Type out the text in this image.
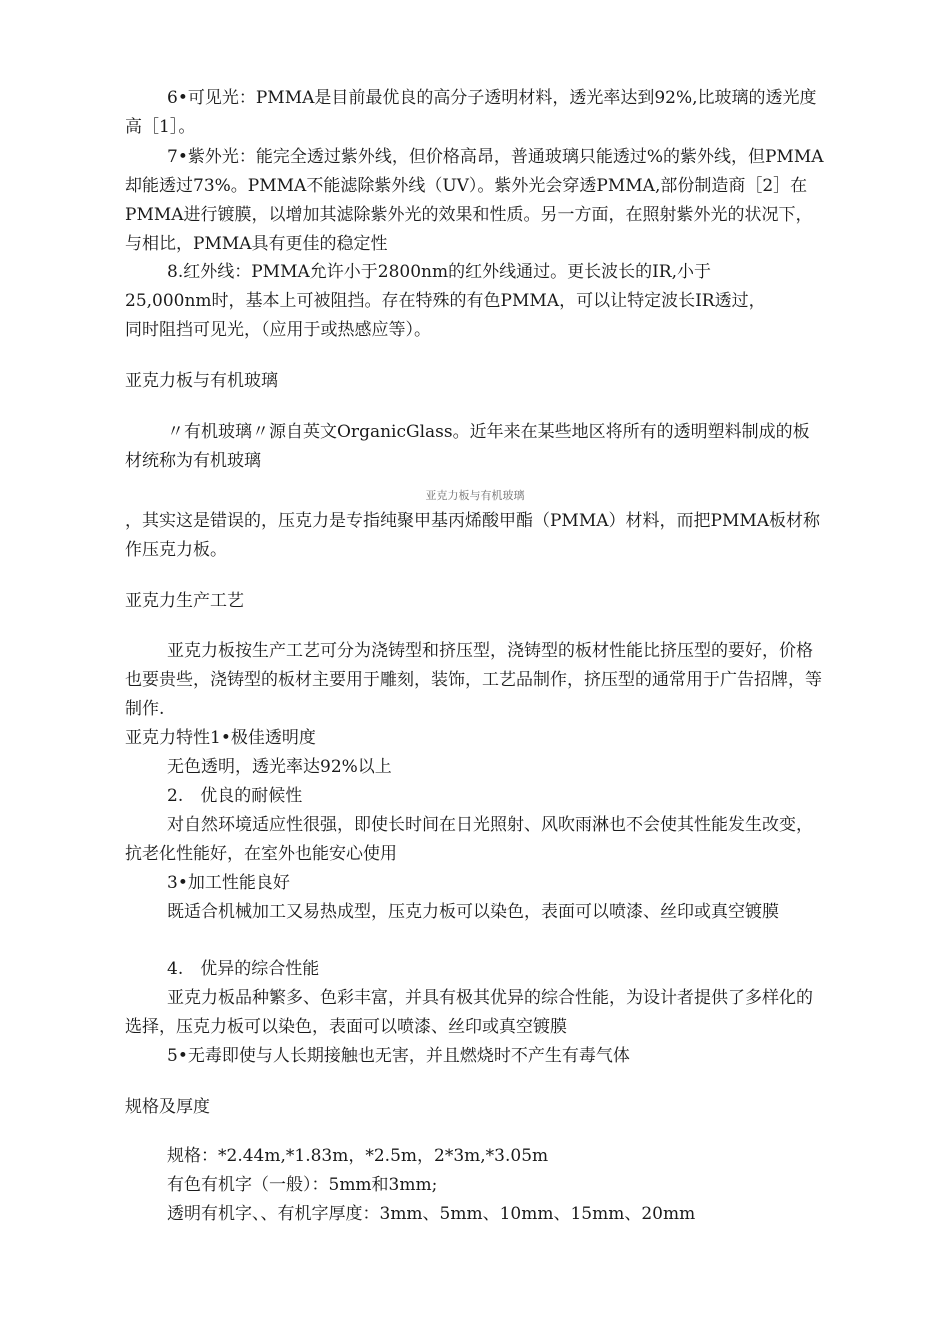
6•可见光：PMMA是目前最优良的高分子透明材料，透光率达到92%,比玻璃的透光度高［1］。

7•紫外光：能完全透过紫外线，但价格高昂，普通玻璃只能透过%的紫外线，但PMMA却能透过73%。PMMA不能滤除紫外线（UV）。紫外光会穿透PMMA,部份制造商［2］在PMMA进行镀膜，以增加其滤除紫外光的效果和性质。另一方面，在照射紫外光的状况下，与相比，PMMA具有更佳的稳定性

8.红外线：PMMA允许小于2800nm的红外线通过。更长波长的IR,小于

25,000nm时，基本上可被阻挡。存在特殊的有色PMMA，可以让特定波长IR透过，

同时阻挡可见光，（应用于或热感应等）。

亚克力板与有机玻璃

〃有机玻璃〃源自英文OrganicGlass。近年来在某些地区将所有的透明塑料制成的板材统称为有机玻璃

亚克力板与有机玻璃

，其实这是错误的，压克力是专指纯聚甲基丙烯酸甲酯（PMMA）材料，而把PMMA板材称作压克力板。

亚克力生产工艺

亚克力板按生产工艺可分为浇铸型和挤压型，浇铸型的板材性能比挤压型的要好，价格也要贵些，浇铸型的板材主要用于雕刻，装饰，工艺品制作，挤压型的通常用于广告招牌，等制作.

亚克力特性1•极佳透明度

无色透明，透光率达92%以上

2.　优良的耐候性

对自然环境适应性很强，即使长时间在日光照射、风吹雨淋也不会使其性能发生改变，抗老化性能好，在室外也能安心使用

3•加工性能良好

既适合机械加工又易热成型，压克力板可以染色，表面可以喷漆、丝印或真空镀膜

4.　优异的综合性能

亚克力板品种繁多、色彩丰富，并具有极其优异的综合性能，为设计者提供了多样化的选择，压克力板可以染色，表面可以喷漆、丝印或真空镀膜

5•无毒即使与人长期接触也无害，并且燃烧时不产生有毒气体

规格及厚度

规格：*2.44m,*1.83m，*2.5m，2*3m,*3.05m

有色有机字（一般）：5mm和3mm;

透明有机字、、有机字厚度：3mm、5mm、10mm、15mm、20mm
